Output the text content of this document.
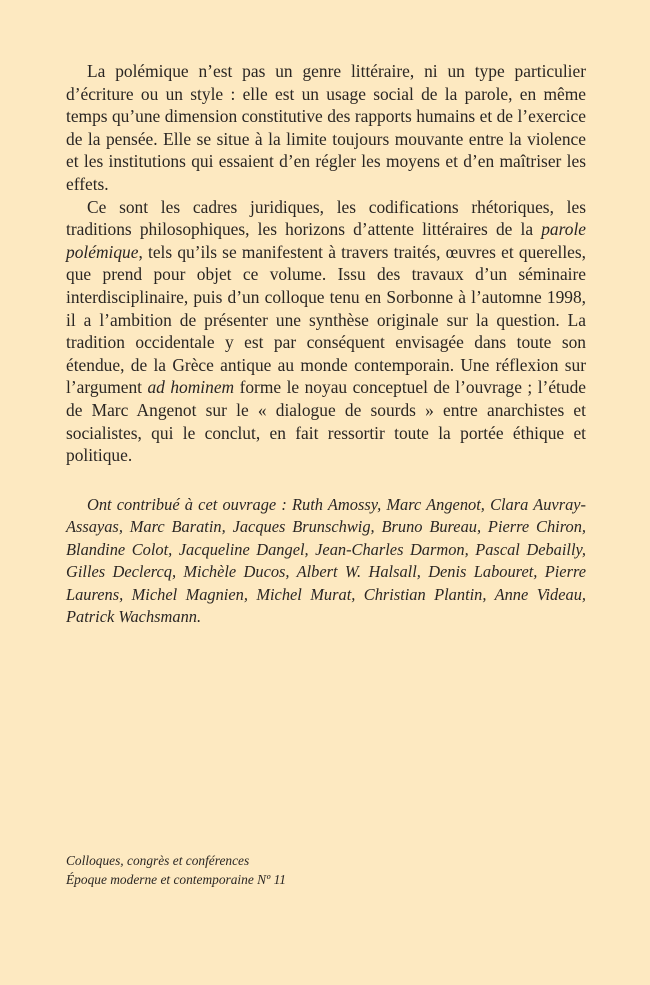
La polémique n’est pas un genre littéraire, ni un type particulier d’écriture ou un style : elle est un usage social de la parole, en même temps qu’une dimension constitutive des rapports humains et de l’exercice de la pensée. Elle se situe à la limite toujours mouvante entre la violence et les institutions qui essaient d’en régler les moyens et d’en maîtriser les effets.

Ce sont les cadres juridiques, les codifications rhétoriques, les traditions philosophiques, les horizons d’attente littéraires de la parole polémique, tels qu’ils se manifestent à travers traités, œuvres et querelles, que prend pour objet ce volume. Issu des travaux d’un séminaire interdisciplinaire, puis d’un colloque tenu en Sorbonne à l’automne 1998, il a l’ambition de présenter une synthèse originale sur la question. La tradition occidentale y est par conséquent envisagée dans toute son étendue, de la Grèce antique au monde contemporain. Une réflexion sur l’argument ad hominem forme le noyau conceptuel de l’ouvrage ; l’étude de Marc Angenot sur le « dialogue de sourds » entre anarchistes et socialistes, qui le conclut, en fait ressortir toute la portée éthique et politique.

Ont contribué à cet ouvrage : Ruth Amossy, Marc Angenot, Clara Auvray-Assayas, Marc Baratin, Jacques Brunschwig, Bruno Bureau, Pierre Chiron, Blandine Colot, Jacqueline Dangel, Jean-Charles Darmon, Pascal Debailly, Gilles Declercq, Michèle Ducos, Albert W. Halsall, Denis Labouret, Pierre Laurens, Michel Magnien, Michel Murat, Christian Plantin, Anne Videau, Patrick Wachsmann.
Colloques, congrès et conférences
Époque moderne et contemporaine Nº 11
